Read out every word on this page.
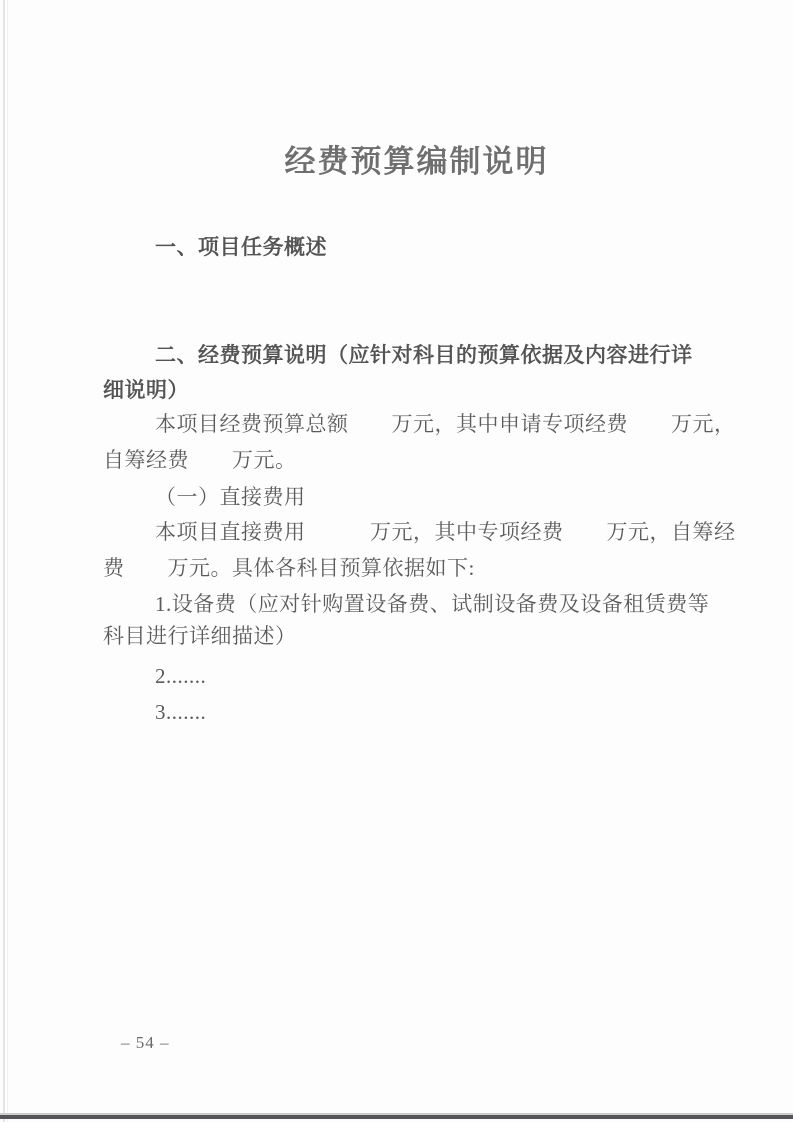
经费预算编制说明
一、项目任务概述
二、经费预算说明（应针对科目的预算依据及内容进行详
细说明）
本项目经费预算总额　　万元，其中申请专项经费　　万元，
自筹经费　　万元。
（一）直接费用
本项目直接费用　　　万元，其中专项经费　　万元，自筹经
费　　万元。具体各科目预算依据如下:
1.设备费（应对针购置设备费、试制设备费及设备租赁费等
科目进行详细描述）
2.......
3.......
– 54 –
